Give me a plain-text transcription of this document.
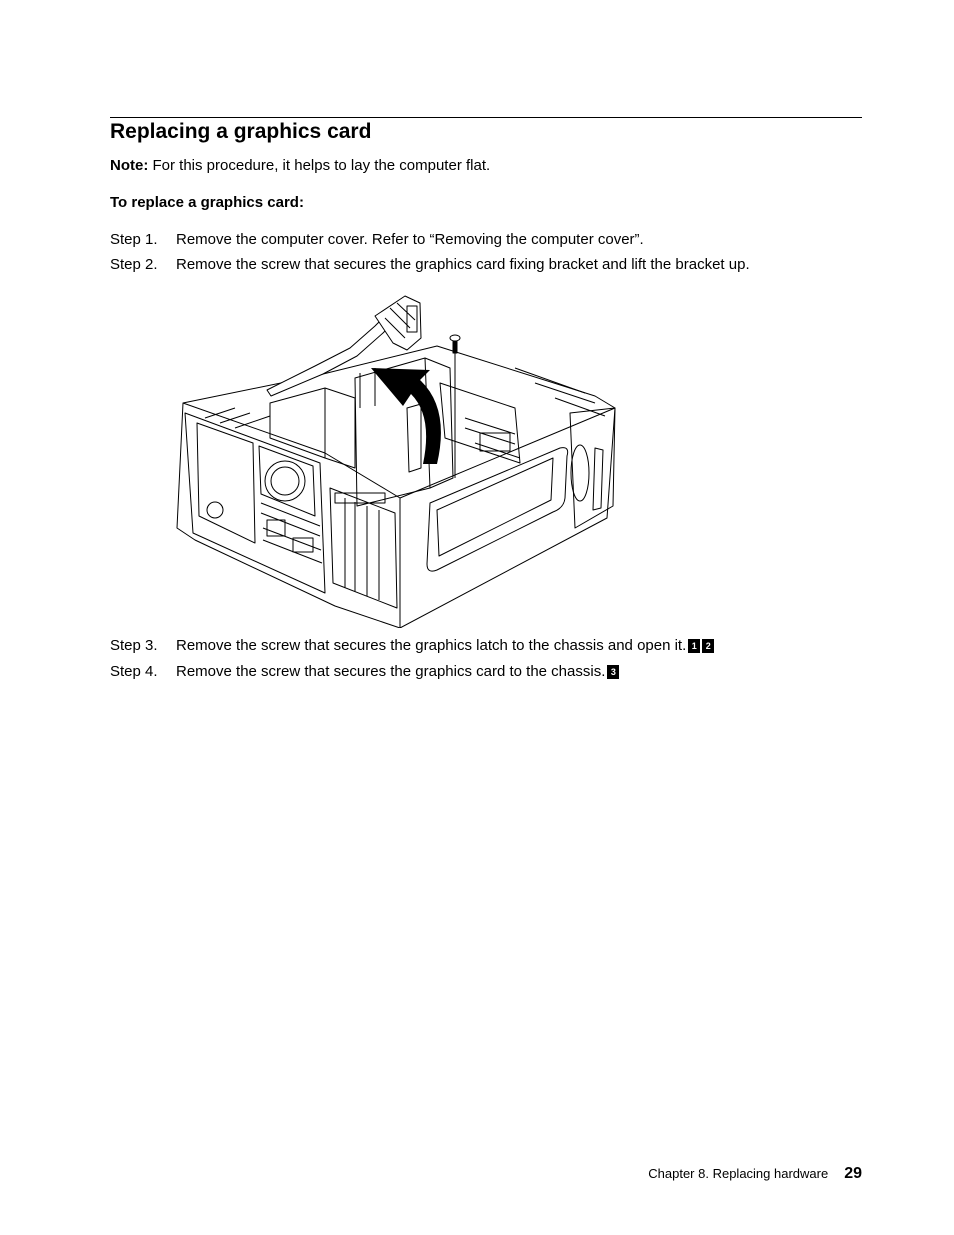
Replacing a graphics card
Note: For this procedure, it helps to lay the computer flat.
To replace a graphics card:
Step 1. Remove the computer cover. Refer to “Removing the computer cover”.
Step 2. Remove the screw that secures the graphics card fixing bracket and lift the bracket up.
Step 3. Remove the screw that secures the graphics latch to the chassis and open it. 1 2
Step 4. Remove the screw that secures the graphics card to the chassis. 3
Chapter 8. Replacing hardware 29
